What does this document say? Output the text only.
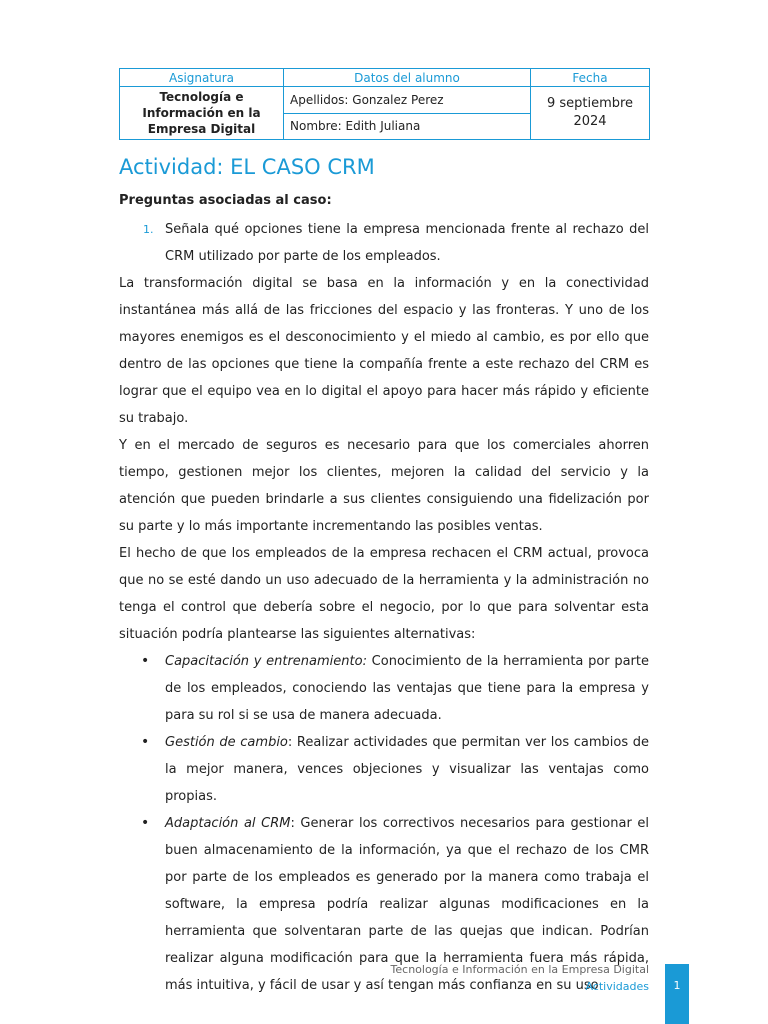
Asignatura	Datos del alumno	Fecha
Tecnología e Información en la Empresa Digital	Apellidos: Gonzalez Perez	9 septiembre 2024
	Nombre: Edith Juliana	
Actividad: EL CASO CRM
Preguntas asociadas al caso:
1. Señala qué opciones tiene la empresa mencionada frente al rechazo del CRM utilizado por parte de los empleados.

La transformación digital se basa en la información y en la conectividad instantánea más allá de las fricciones del espacio y las fronteras. Y uno de los mayores enemigos es el desconocimiento y el miedo al cambio, es por ello que dentro de las opciones que tiene la compañía frente a este rechazo del CRM es lograr que el equipo vea en lo digital el apoyo para hacer más rápido y eficiente su trabajo.

Y en el mercado de seguros es necesario para que los comerciales ahorren tiempo, gestionen mejor los clientes, mejoren la calidad del servicio y la atención que pueden brindarle a sus clientes consiguiendo una fidelización por su parte y lo más importante incrementando las posibles ventas.

El hecho de que los empleados de la empresa rechacen el CRM actual, provoca que no se esté dando un uso adecuado de la herramienta y la administración no tenga el control que debería sobre el negocio, por lo que para solventar esta situación podría plantearse las siguientes alternativas:

• Capacitación y entrenamiento: Conocimiento de la herramienta por parte de los empleados, conociendo las ventajas que tiene para la empresa y para su rol si se usa de manera adecuada.
• Gestión de cambio: Realizar actividades que permitan ver los cambios de la mejor manera, vences objeciones y visualizar las ventajas como propias.
• Adaptación al CRM: Generar los correctivos necesarios para gestionar el buen almacenamiento de la información, ya que el rechazo de los CMR por parte de los empleados es generado por la manera como trabaja el software, la empresa podría realizar algunas modificaciones en la herramienta que solventaran parte de las quejas que indican. Podrían realizar alguna modificación para que la herramienta fuera más rápida, más intuitiva, y fácil de usar y así tengan más confianza en su uso
Tecnología e Información en la Empresa Digital
Actividades	1
